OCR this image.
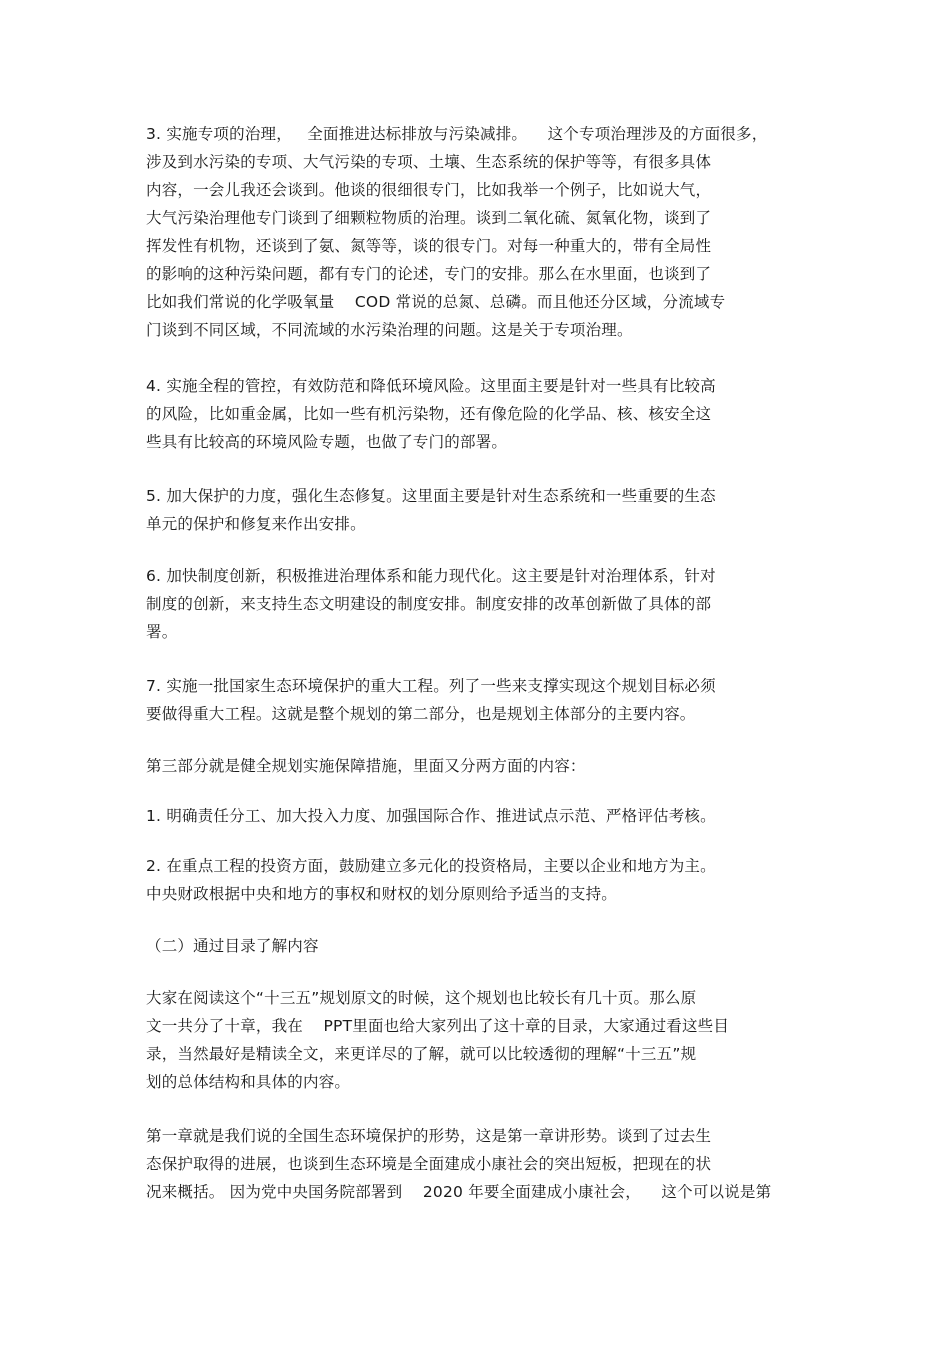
3. 实施专项的治理，   全面推进达标排放与污染减排。    这个专项治理涉及的方面很多，
涉及到水污染的专项、大气污染的专项、土壤、生态系统的保护等等，有很多具体
内容，一会儿我还会谈到。他谈的很细很专门，比如我举一个例子，比如说大气，
大气污染治理他专门谈到了细颗粒物质的治理。谈到二氧化硫、氮氧化物，谈到了
挥发性有机物，还谈到了氨、氮等等，谈的很专门。对每一种重大的，带有全局性
的影响的这种污染问题，都有专门的论述，专门的安排。那么在水里面，也谈到了
比如我们常说的化学吸氧量    COD 常说的总氮、总磷。而且他还分区域，分流域专
门谈到不同区域，不同流域的水污染治理的问题。这是关于专项治理。
4. 实施全程的管控，有效防范和降低环境风险。这里面主要是针对一些具有比较高
的风险，比如重金属，比如一些有机污染物，还有像危险的化学品、核、核安全这
些具有比较高的环境风险专题，也做了专门的部署。
5. 加大保护的力度，强化生态修复。这里面主要是针对生态系统和一些重要的生态
单元的保护和修复来作出安排。
6. 加快制度创新，积极推进治理体系和能力现代化。这主要是针对治理体系，针对
制度的创新，来支持生态文明建设的制度安排。制度安排的改革创新做了具体的部
署。
7. 实施一批国家生态环境保护的重大工程。列了一些来支撑实现这个规划目标必须
要做得重大工程。这就是整个规划的第二部分，也是规划主体部分的主要内容。
第三部分就是健全规划实施保障措施，里面又分两方面的内容：
1. 明确责任分工、加大投入力度、加强国际合作、推进试点示范、严格评估考核。
2. 在重点工程的投资方面，鼓励建立多元化的投资格局，主要以企业和地方为主。
中央财政根据中央和地方的事权和财权的划分原则给予适当的支持。
（二）通过目录了解内容
大家在阅读这个“十三五”规划原文的时候，这个规划也比较长有几十页。那么原
文一共分了十章，我在    PPT里面也给大家列出了这十章的目录，大家通过看这些目
录，当然最好是精读全文，来更详尽的了解，就可以比较透彻的理解“十三五”规
划的总体结构和具体的内容。
第一章就是我们说的全国生态环境保护的形势，这是第一章讲形势。谈到了过去生
态保护取得的进展，也谈到生态环境是全面建成小康社会的突出短板，把现在的状
况来概括。 因为党中央国务院部署到    2020 年要全面建成小康社会，    这个可以说是第
